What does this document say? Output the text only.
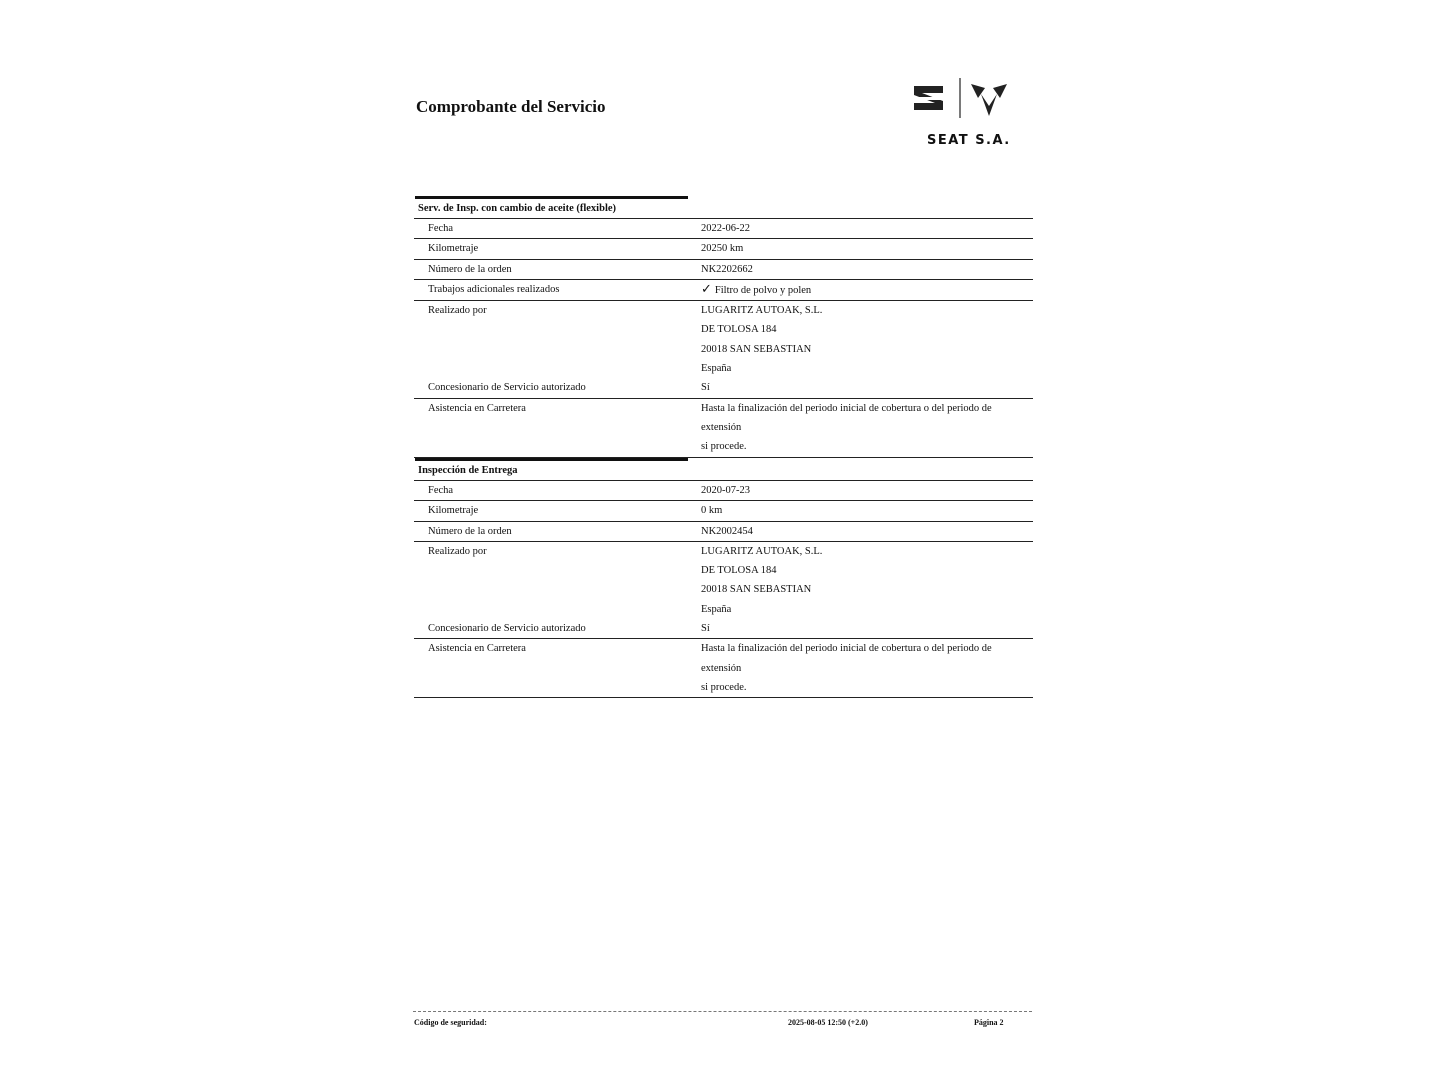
Comprobante del Servicio
SEAT S.A.
Serv. de Insp. con cambio de aceite (flexible)
Fecha	2022-06-22
Kilometraje	20250 km
Número de la orden	NK2202662
Trabajos adicionales realizados	✓ Filtro de polvo y polen
Realizado por	LUGARITZ AUTOAK, S.L.
DE TOLOSA 184
20018 SAN SEBASTIAN
España
Concesionario de Servicio autorizado	Sí
Asistencia en Carretera	Hasta la finalización del periodo inicial de cobertura o del periodo de extensión
si procede.
Inspección de Entrega
Fecha	2020-07-23
Kilometraje	0 km
Número de la orden	NK2002454
Realizado por	LUGARITZ AUTOAK, S.L.
DE TOLOSA 184
20018 SAN SEBASTIAN
España
Concesionario de Servicio autorizado	Sí
Asistencia en Carretera	Hasta la finalización del periodo inicial de cobertura o del periodo de extensión
si procede.
Código de seguridad:	2025-08-05 12:50 (+2.0)	Página 2
